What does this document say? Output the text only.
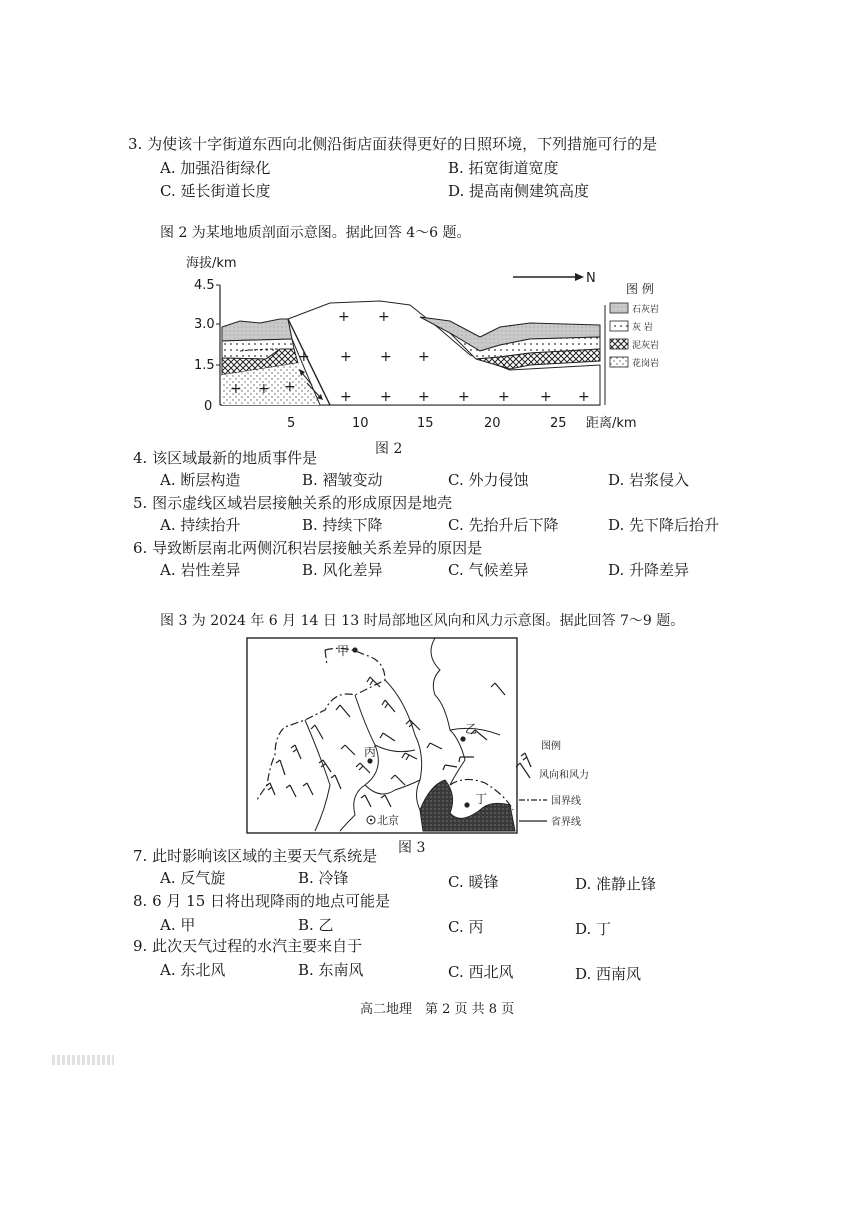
3. 为使该十字街道东西向北侧沿街店面获得更好的日照环境，下列措施可行的是
A. 加强沿街绿化	B. 拓宽街道宽度
C. 延长街道长度	D. 提高南侧建筑高度
图 2 为某地地质剖面示意图。据此回答 4～6 题。
海拔/km
4.5
3.0
1.5
0
5	10	15	20	25 距离/km
N
+ +
+ + + +
+ + +
+ + + + + + +
图 例
石灰岩
灰 岩
泥灰岩
花岗岩
图 2
4. 该区域最新的地质事件是
A. 断层构造	B. 褶皱变动	C. 外力侵蚀	D. 岩浆侵入
5. 图示虚线区域岩层接触关系的形成原因是地壳
A. 持续抬升	B. 持续下降	C. 先抬升后下降	D. 先下降后抬升
6. 导致断层南北两侧沉积岩层接触关系差异的原因是
A. 岩性差异	B. 风化差异	C. 气候差异	D. 升降差异
图 3 为 2024 年 6 月 14 日 13 时局部地区风向和风力示意图。据此回答 7～9 题。
甲
乙
丙
丁
北京
图例
风向和风力
国界线
省界线
图 3
7. 此时影响该区域的主要天气系统是
A. 反气旋	B. 冷锋	C. 暖锋	D. 准静止锋
8. 6 月 15 日将出现降雨的地点可能是
A. 甲	B. 乙	C. 丙	D. 丁
9. 此次天气过程的水汽主要来自于
A. 东北风	B. 东南风	C. 西北风	D. 西南风
高二地理　第 2 页 共 8 页
